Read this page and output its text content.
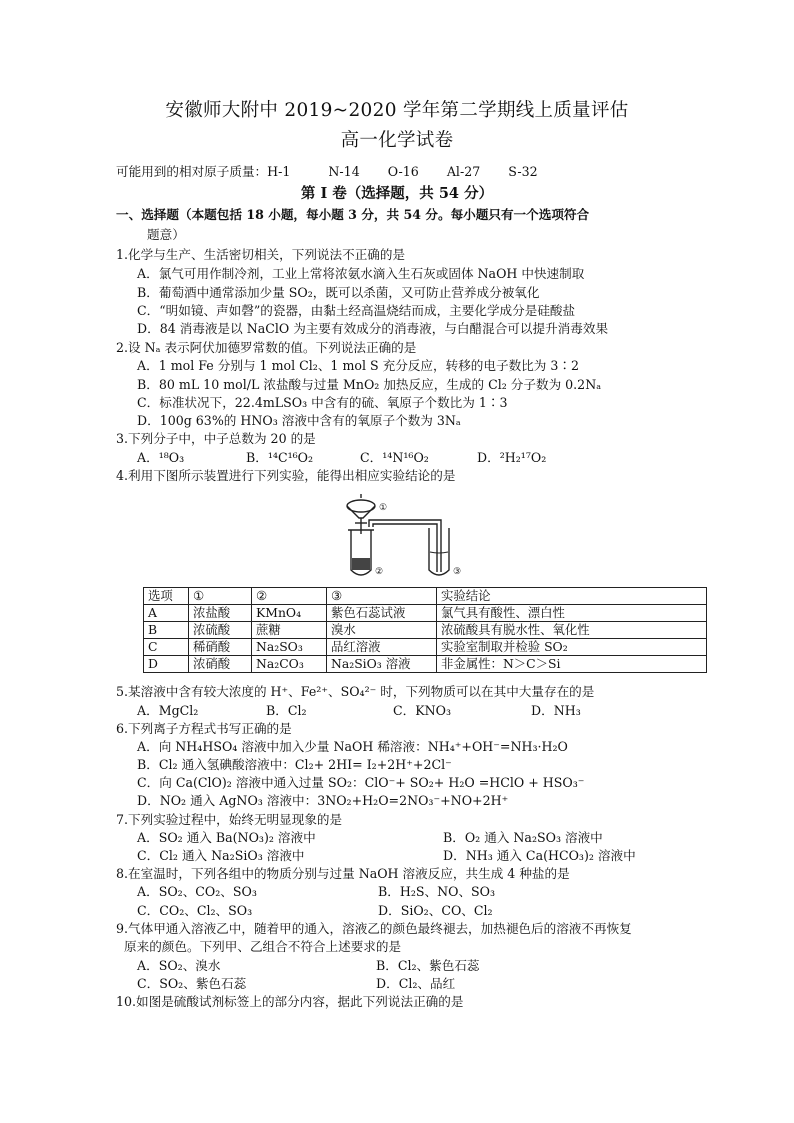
安徽师大附中 2019~2020 学年第二学期线上质量评估
高一化学试卷
可能用到的相对原子质量：H-1	N-14 O-16 Al-27 S-32
第 I 卷（选择题，共 54 分）
一、选择题（本题包括 18 小题，每小题 3 分，共 54 分。每小题只有一个选项符合
题意）
1.化学与生产、生活密切相关，下列说法不正确的是
A．氯气可用作制冷剂，工业上常将浓氨水滴入生石灰或固体 NaOH 中快速制取
B．葡萄酒中通常添加少量 SO₂，既可以杀菌，又可防止营养成分被氧化
C．“明如镜、声如磬”的瓷器，由黏土经高温烧结而成，主要化学成分是硅酸盐
D．84 消毒液是以 NaClO 为主要有效成分的消毒液，与白醋混合可以提升消毒效果
2.设 Nₐ 表示阿伏加德罗常数的值。下列说法正确的是
A．1 mol Fe 分别与 1 mol Cl₂、1 mol S 充分反应，转移的电子数比为 3∶2
B．80 mL 10 mol/L 浓盐酸与过量 MnO₂ 加热反应，生成的 Cl₂ 分子数为 0.2Nₐ
C．标准状况下，22.4mLSO₃ 中含有的硫、氧原子个数比为 1∶3
D．100g 63%的 HNO₃ 溶液中含有的氧原子个数为 3Nₐ
3.下列分子中，中子总数为 20 的是
A．¹⁸O₃	B．¹⁴C¹⁶O₂	C．¹⁴N¹⁶O₂	D．²H₂¹⁷O₂
4.利用下图所示装置进行下列实验，能得出相应实验结论的是
①
②	③
选项	①	②	③	实验结论
A	浓盐酸	KMnO₄	紫色石蕊试液	氯气具有酸性、漂白性
B	浓硫酸	蔗糖	溴水	浓硫酸具有脱水性、氧化性
C	稀硝酸	Na₂SO₃	品红溶液	实验室制取并检验 SO₂
D	浓硝酸	Na₂CO₃	Na₂SiO₃ 溶液	非金属性：N＞C＞Si
5.某溶液中含有较大浓度的 H⁺、Fe²⁺、SO₄²⁻ 时，下列物质可以在其中大量存在的是
A．MgCl₂	B．Cl₂	C．KNO₃	D．NH₃
6.下列离子方程式书写正确的是
A．向 NH₄HSO₄ 溶液中加入少量 NaOH 稀溶液：NH₄⁺+OH⁻=NH₃·H₂O
B．Cl₂ 通入氢碘酸溶液中：Cl₂+ 2HI= I₂+2H⁺+2Cl⁻
C．向 Ca(ClO)₂ 溶液中通入过量 SO₂：ClO⁻+ SO₂+ H₂O =HClO + HSO₃⁻
D．NO₂ 通入 AgNO₃ 溶液中：3NO₂+H₂O=2NO₃⁻+NO+2H⁺
7.下列实验过程中，始终无明显现象的是
A．SO₂ 通入 Ba(NO₃)₂ 溶液中	B．O₂ 通入 Na₂SO₃ 溶液中
C．Cl₂ 通入 Na₂SiO₃ 溶液中	D．NH₃ 通入 Ca(HCO₃)₂ 溶液中
8.在室温时，下列各组中的物质分别与过量 NaOH 溶液反应，共生成 4 种盐的是
A．SO₂、CO₂、SO₃	B．H₂S、NO、SO₃
C．CO₂、Cl₂、SO₃	D．SiO₂、CO、Cl₂
9.气体甲通入溶液乙中，随着甲的通入，溶液乙的颜色最终褪去，加热褪色后的溶液不再恢复
原来的颜色。下列甲、乙组合不符合上述要求的是
A．SO₂、溴水	B．Cl₂、紫色石蕊
C．SO₂、紫色石蕊	D．Cl₂、品红
10.如图是硫酸试剂标签上的部分内容，据此下列说法正确的是
